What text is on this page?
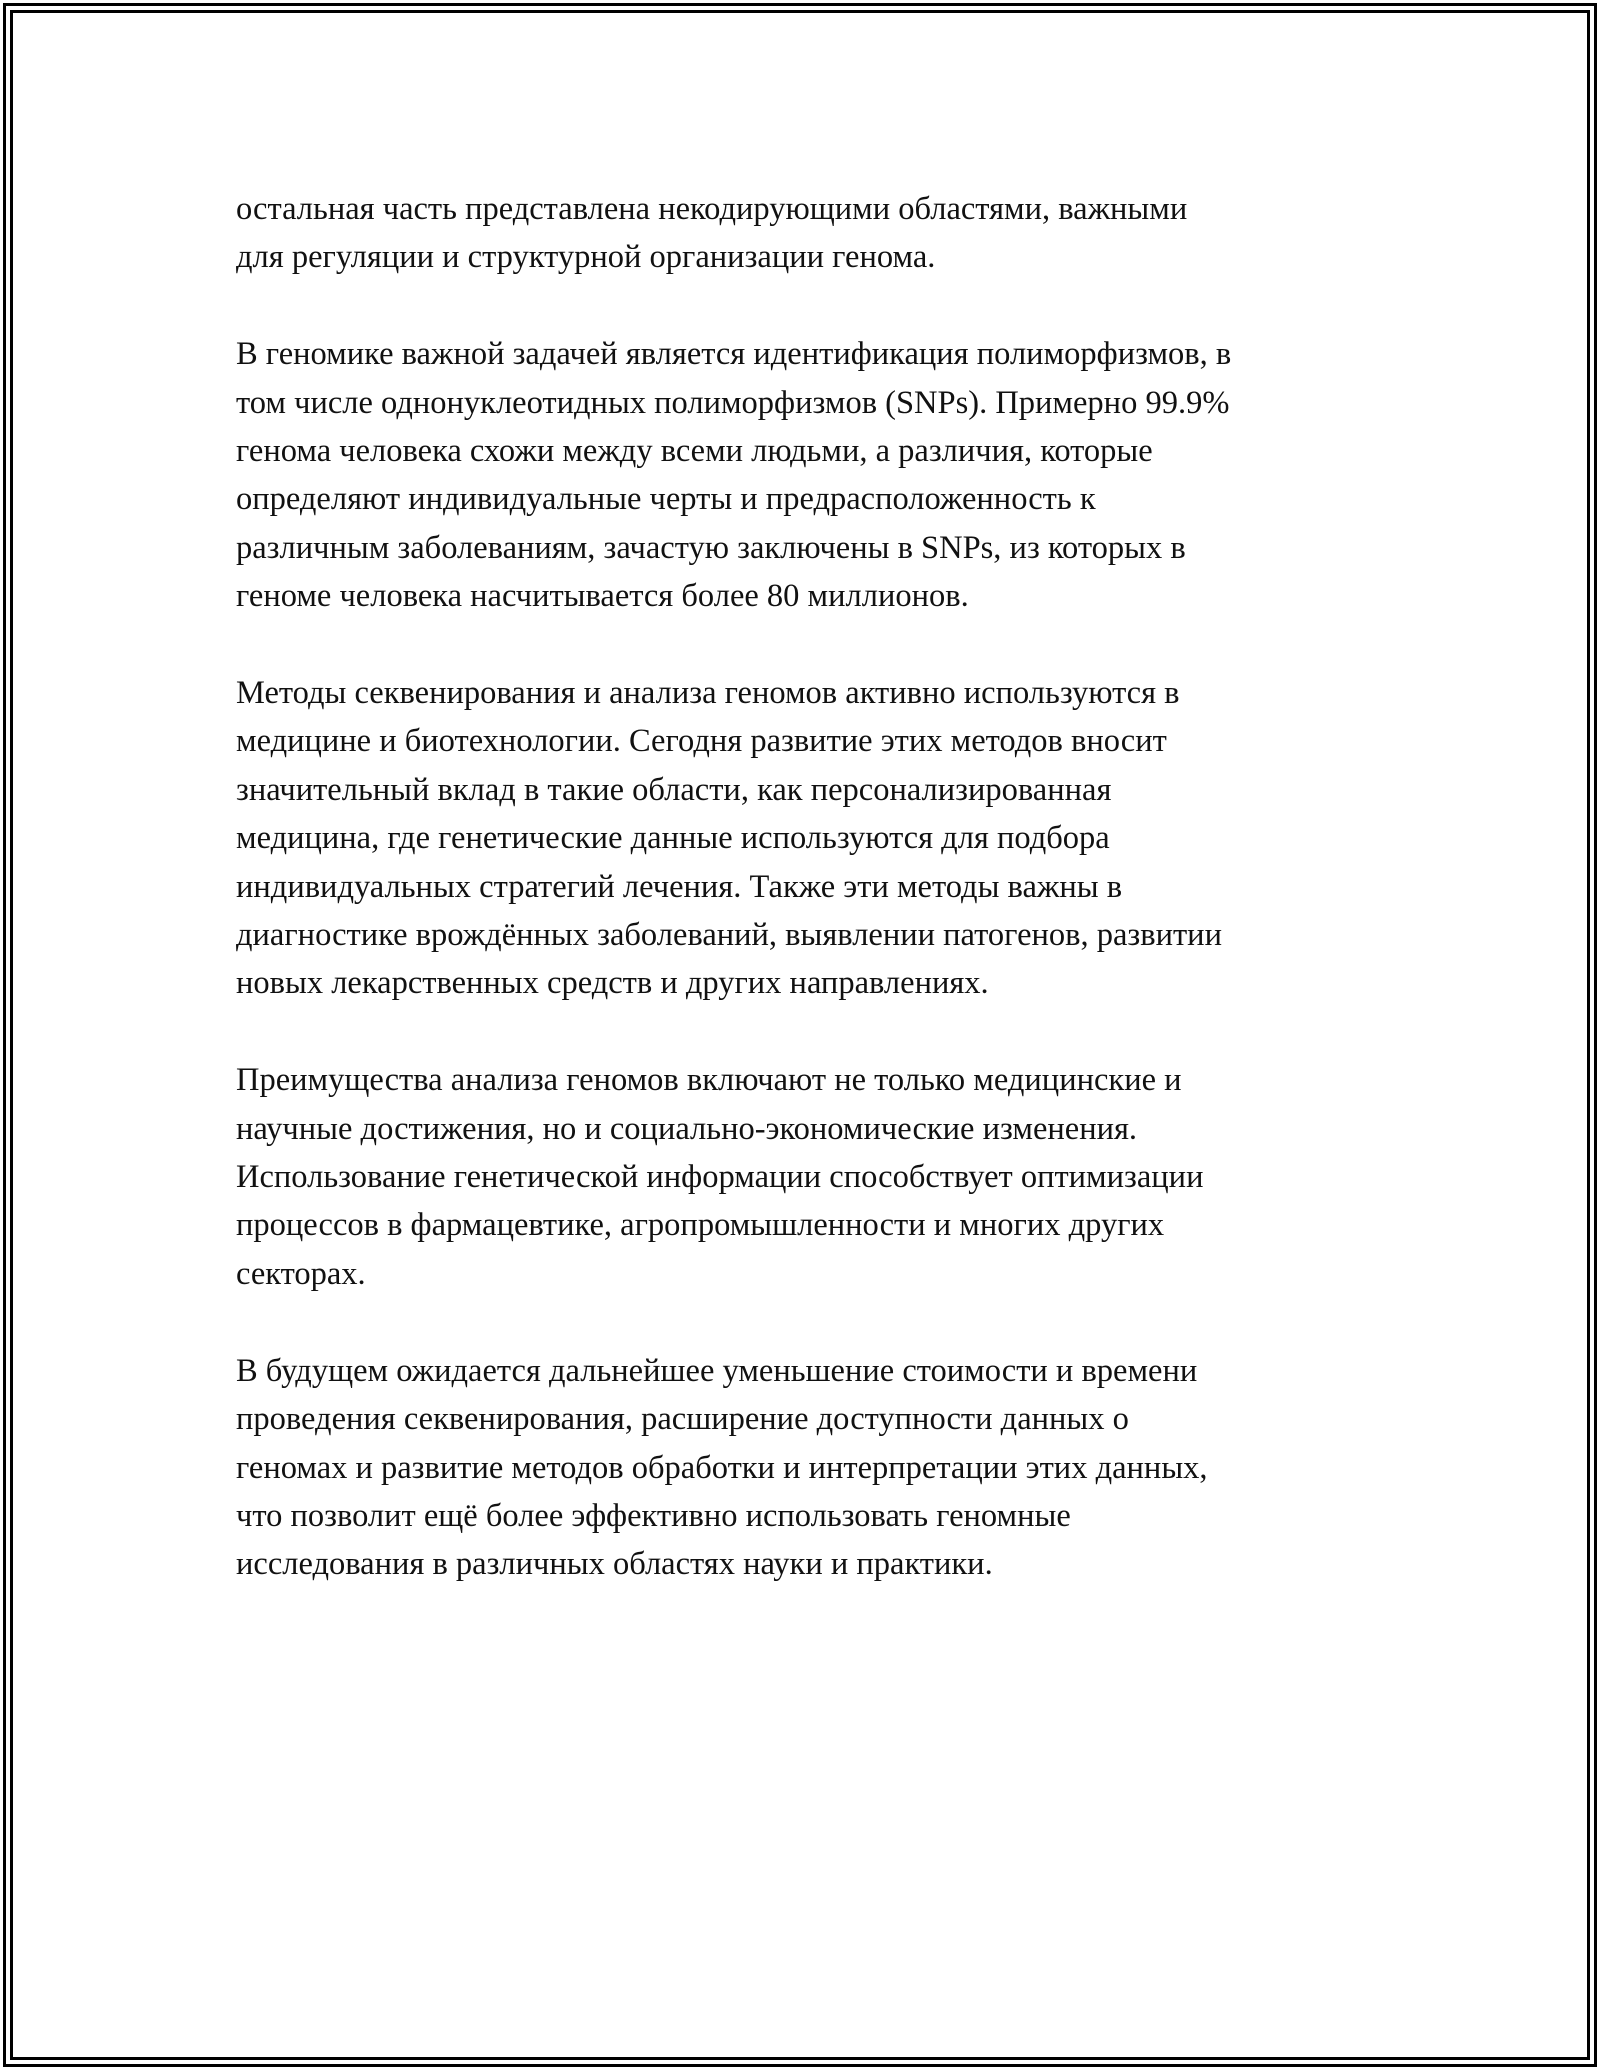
остальная часть представлена некодирующими областями, важными
для регуляции и структурной организации генома.

В геномике важной задачей является идентификация полиморфизмов, в
том числе однонуклеотидных полиморфизмов (SNPs). Примерно 99.9%
генома человека схожи между всеми людьми, а различия, которые
определяют индивидуальные черты и предрасположенность к
различным заболеваниям, зачастую заключены в SNPs, из которых в
геноме человека насчитывается более 80 миллионов.

Методы секвенирования и анализа геномов активно используются в
медицине и биотехнологии. Сегодня развитие этих методов вносит
значительный вклад в такие области, как персонализированная
медицина, где генетические данные используются для подбора
индивидуальных стратегий лечения. Также эти методы важны в
диагностике врождённых заболеваний, выявлении патогенов, развитии
новых лекарственных средств и других направлениях.

Преимущества анализа геномов включают не только медицинские и
научные достижения, но и социально-экономические изменения.
Использование генетической информации способствует оптимизации
процессов в фармацевтике, агропромышленности и многих других
секторах.

В будущем ожидается дальнейшее уменьшение стоимости и времени
проведения секвенирования, расширение доступности данных о
геномах и развитие методов обработки и интерпретации этих данных,
что позволит ещё более эффективно использовать геномные
исследования в различных областях науки и практики.
